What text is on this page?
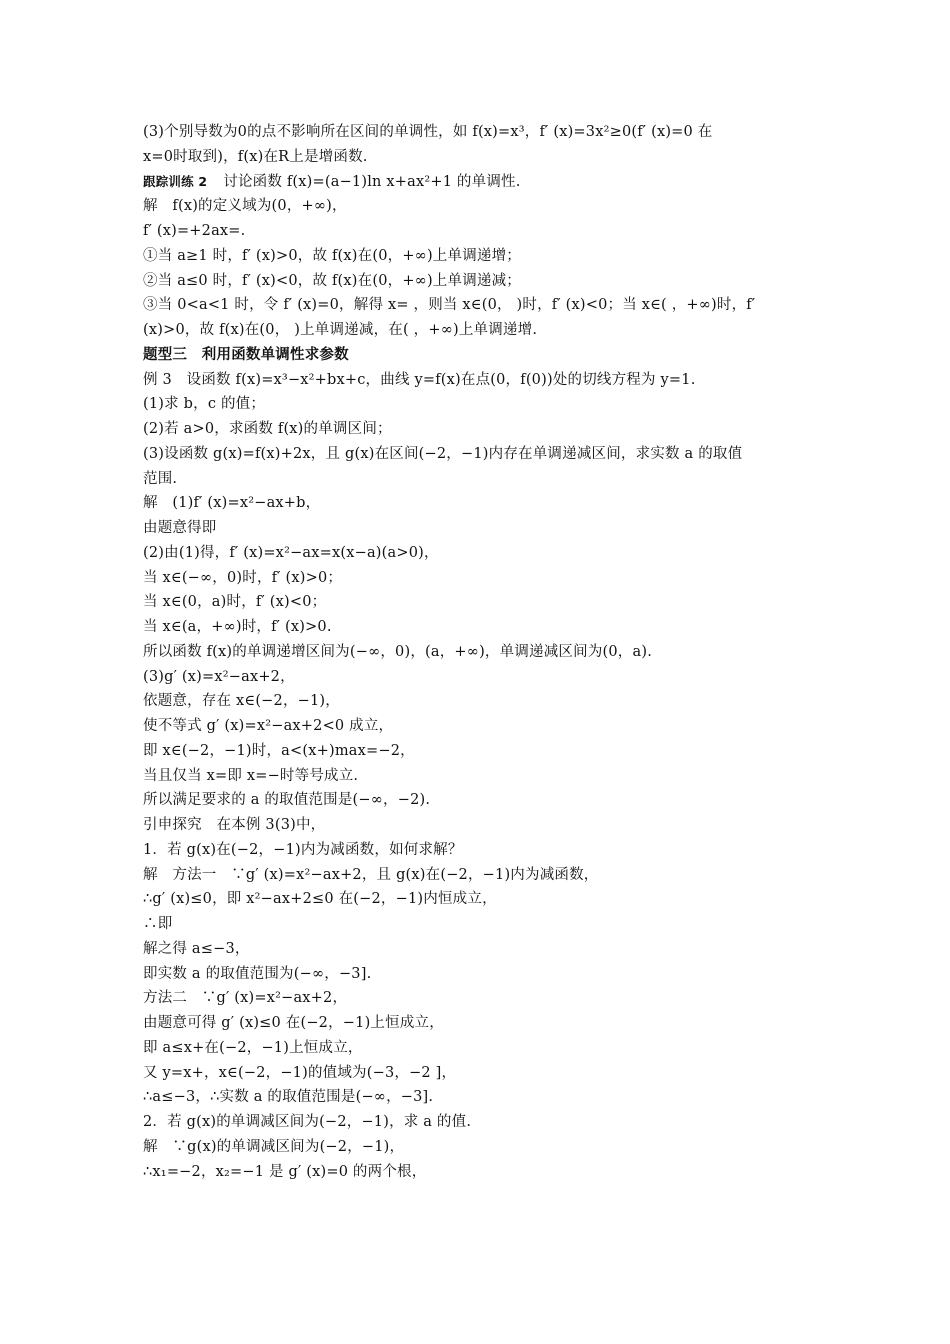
(3)个别导数为0的点不影响所在区间的单调性，如 f(x)=x³，f′ (x)=3x²≥0(f′ (x)=0 在
x=0时取到)，f(x)在R上是增函数.
跟踪训练 2 讨论函数 f(x)=(a−1)ln x+ax²+1 的单调性.
解　f(x)的定义域为(0，+∞)，
f′ (x)=+2ax=.
①当 a≥1 时，f′ (x)>0，故 f(x)在(0，+∞)上单调递增；
②当 a≤0 时，f′ (x)<0，故 f(x)在(0，+∞)上单调递减；
③当 0<a<1 时，令 f′ (x)=0，解得 x= ，则当 x∈(0， )时，f′ (x)<0；当 x∈( ，+∞)时，f′
(x)>0，故 f(x)在(0， )上单调递减，在( ，+∞)上单调递增.
题型三　利用函数单调性求参数
例 3　设函数 f(x)=x³−x²+bx+c，曲线 y=f(x)在点(0，f(0))处的切线方程为 y=1.
(1)求 b，c 的值；
(2)若 a>0，求函数 f(x)的单调区间；
(3)设函数 g(x)=f(x)+2x，且 g(x)在区间(−2，−1)内存在单调递减区间，求实数 a 的取值
范围.
解　(1)f′ (x)=x²−ax+b，
由题意得即
(2)由(1)得，f′ (x)=x²−ax=x(x−a)(a>0)，
当 x∈(−∞，0)时，f′ (x)>0；
当 x∈(0，a)时，f′ (x)<0；
当 x∈(a，+∞)时，f′ (x)>0.
所以函数 f(x)的单调递增区间为(−∞，0)，(a，+∞)，单调递减区间为(0，a).
(3)g′ (x)=x²−ax+2，
依题意，存在 x∈(−2，−1)，
使不等式 g′ (x)=x²−ax+2<0 成立，
即 x∈(−2，−1)时，a<(x+)max=−2，
当且仅当 x=即 x=−时等号成立.
所以满足要求的 a 的取值范围是(−∞，−2).
引申探究　在本例 3(3)中，
1．若 g(x)在(−2，−1)内为减函数，如何求解？
解　方法一　∵g′ (x)=x²−ax+2，且 g(x)在(−2，−1)内为减函数，
∴g′ (x)≤0，即 x²−ax+2≤0 在(−2，−1)内恒成立，
∴即
解之得 a≤−3，
即实数 a 的取值范围为(−∞，−3].
方法二　∵g′ (x)=x²−ax+2，
由题意可得 g′ (x)≤0 在(−2，−1)上恒成立，
即 a≤x+在(−2，−1)上恒成立，
又 y=x+，x∈(−2，−1)的值域为(−3，−2 ]，
∴a≤−3，∴实数 a 的取值范围是(−∞，−3].
2．若 g(x)的单调减区间为(−2，−1)，求 a 的值.
解　∵g(x)的单调减区间为(−2，−1)，
∴x₁=−2，x₂=−1 是 g′ (x)=0 的两个根，
